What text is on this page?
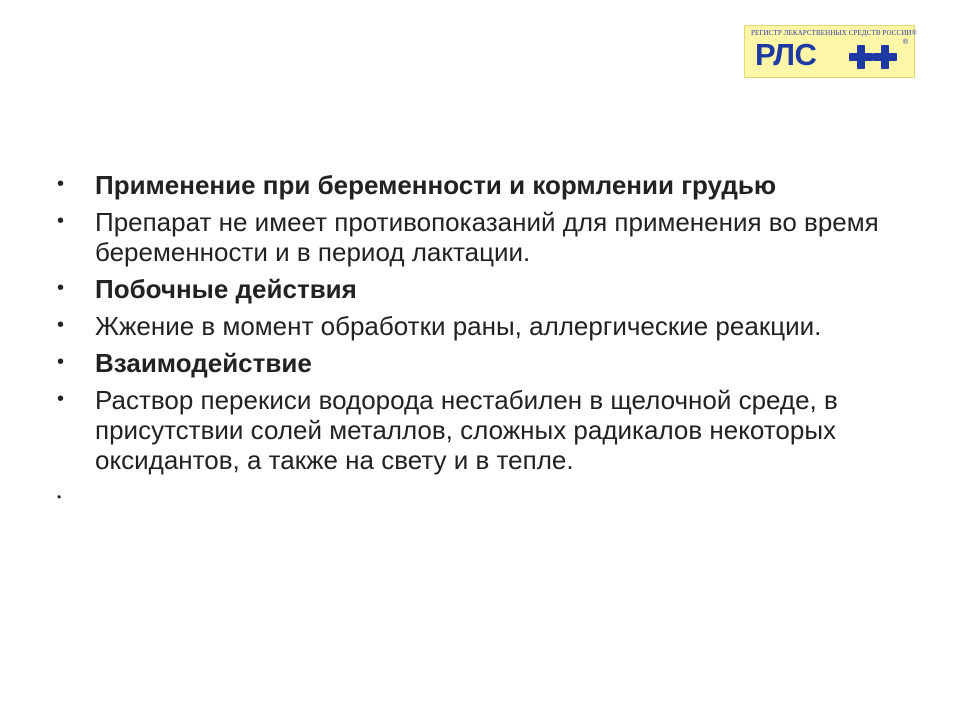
РЕГИСТР ЛЕКАРСТВЕННЫХ СРЕДСТВ РОССИИ®
РЛС	®
• Применение при беременности и кормлении грудью
• Препарат не имеет противопоказаний для применения во время беременности и в период лактации.
• Побочные действия
• Жжение в момент обработки раны, аллергические реакции.
• Взаимодействие
• Раствор перекиси водорода нестабилен в щелочной среде, в присутствии солей металлов, сложных радикалов некоторых оксидантов, а также на свету и в тепле.
•
